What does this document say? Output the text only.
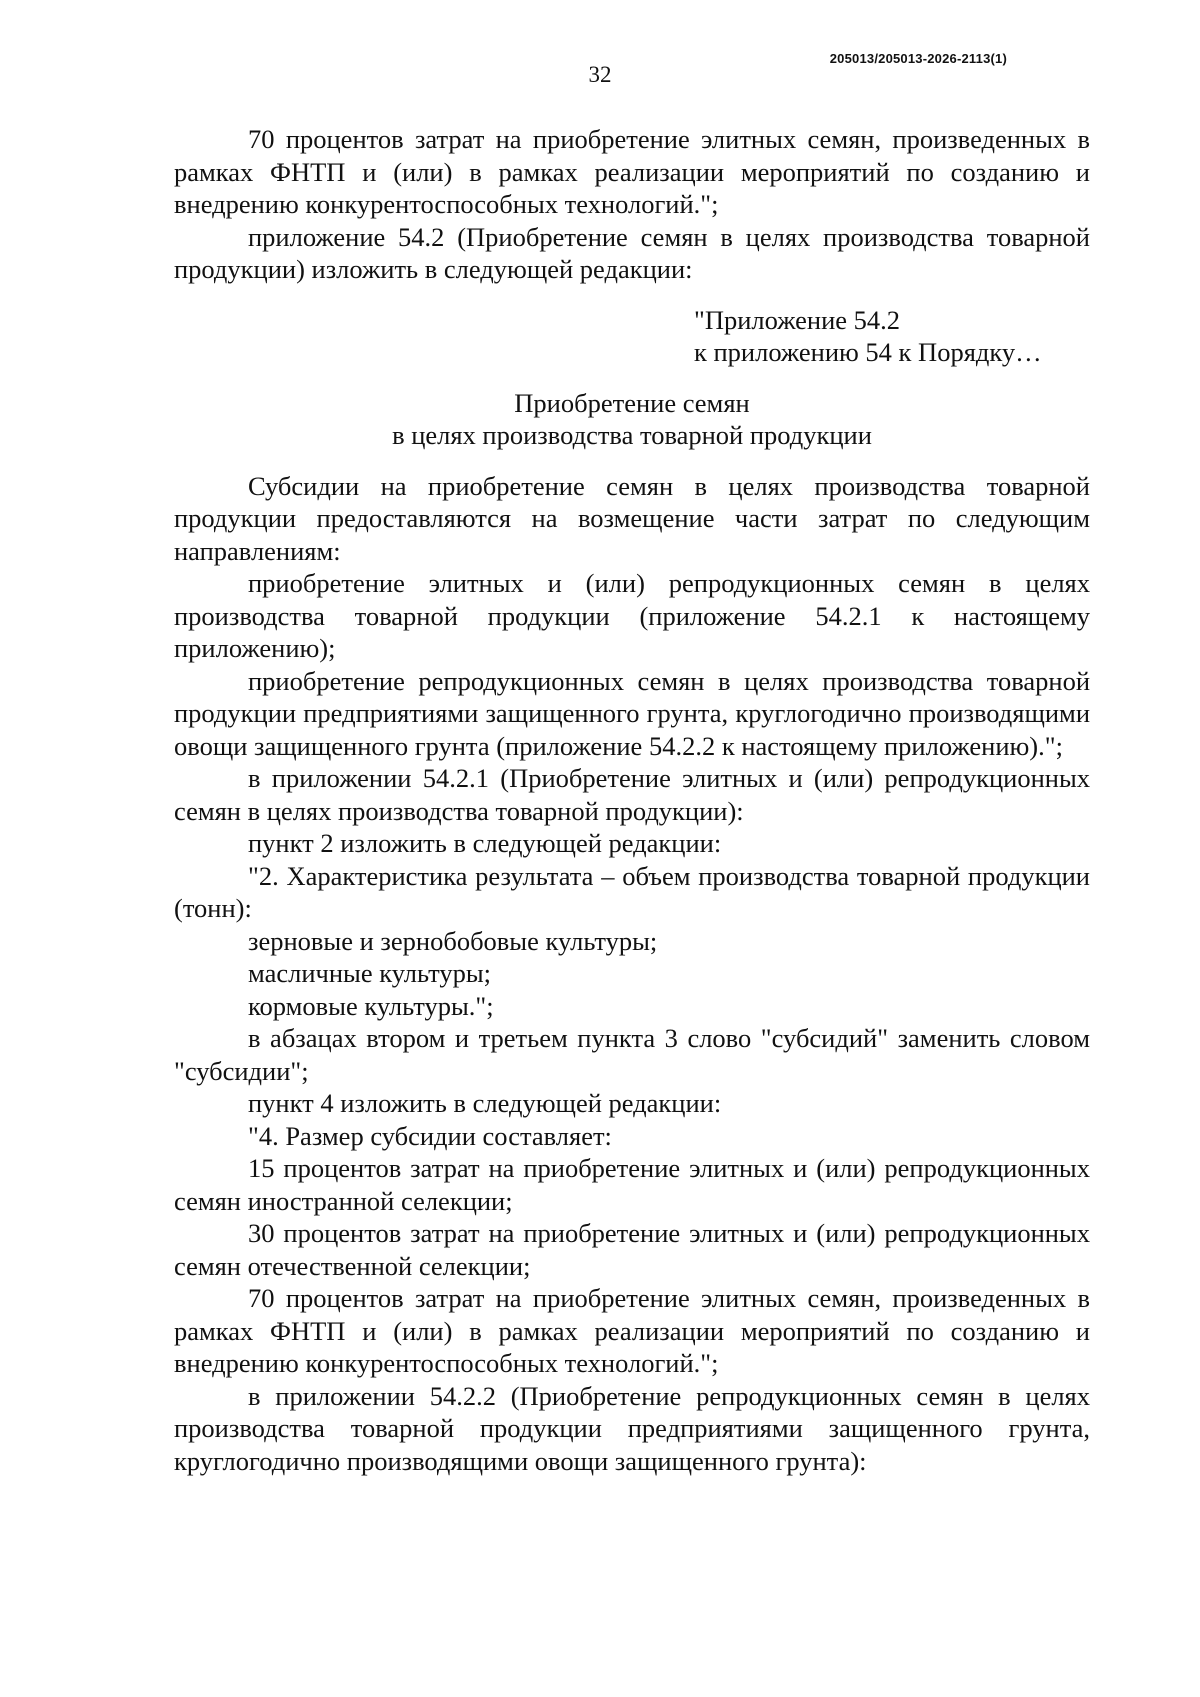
205013/205013-2026-2113(1)
32

70 процентов затрат на приобретение элитных семян, произведенных в рамках ФНТП и (или) в рамках реализации мероприятий по созданию и внедрению конкурентоспособных технологий.";

приложение 54.2 (Приобретение семян в целях производства товарной продукции) изложить в следующей редакции:

"Приложение 54.2
к приложению 54 к Порядку…
Приобретение семян
в целях производства товарной продукции

Субсидии на приобретение семян в целях производства товарной продукции предоставляются на возмещение части затрат по следующим направлениям:

приобретение элитных и (или) репродукционных семян в целях производства товарной продукции (приложение 54.2.1 к настоящему приложению);

приобретение репродукционных семян в целях производства товарной продукции предприятиями защищенного грунта, круглогодично производящими овощи защищенного грунта (приложение 54.2.2 к настоящему приложению).";

в приложении 54.2.1 (Приобретение элитных и (или) репродукционных семян в целях производства товарной продукции):

пункт 2 изложить в следующей редакции:

"2. Характеристика результата – объем производства товарной продукции (тонн):

зерновые и зернобобовые культуры;

масличные культуры;

кормовые культуры.";

в абзацах втором и третьем пункта 3 слово "субсидий" заменить словом "субсидии";

пункт 4 изложить в следующей редакции:

"4. Размер субсидии составляет:

15 процентов затрат на приобретение элитных и (или) репродукционных семян иностранной селекции;

30 процентов затрат на приобретение элитных и (или) репродукционных семян отечественной селекции;

70 процентов затрат на приобретение элитных семян, произведенных в рамках ФНТП и (или) в рамках реализации мероприятий по созданию и внедрению конкурентоспособных технологий.";

в приложении 54.2.2 (Приобретение репродукционных семян в целях производства товарной продукции предприятиями защищенного грунта, круглогодично производящими овощи защищенного грунта):
